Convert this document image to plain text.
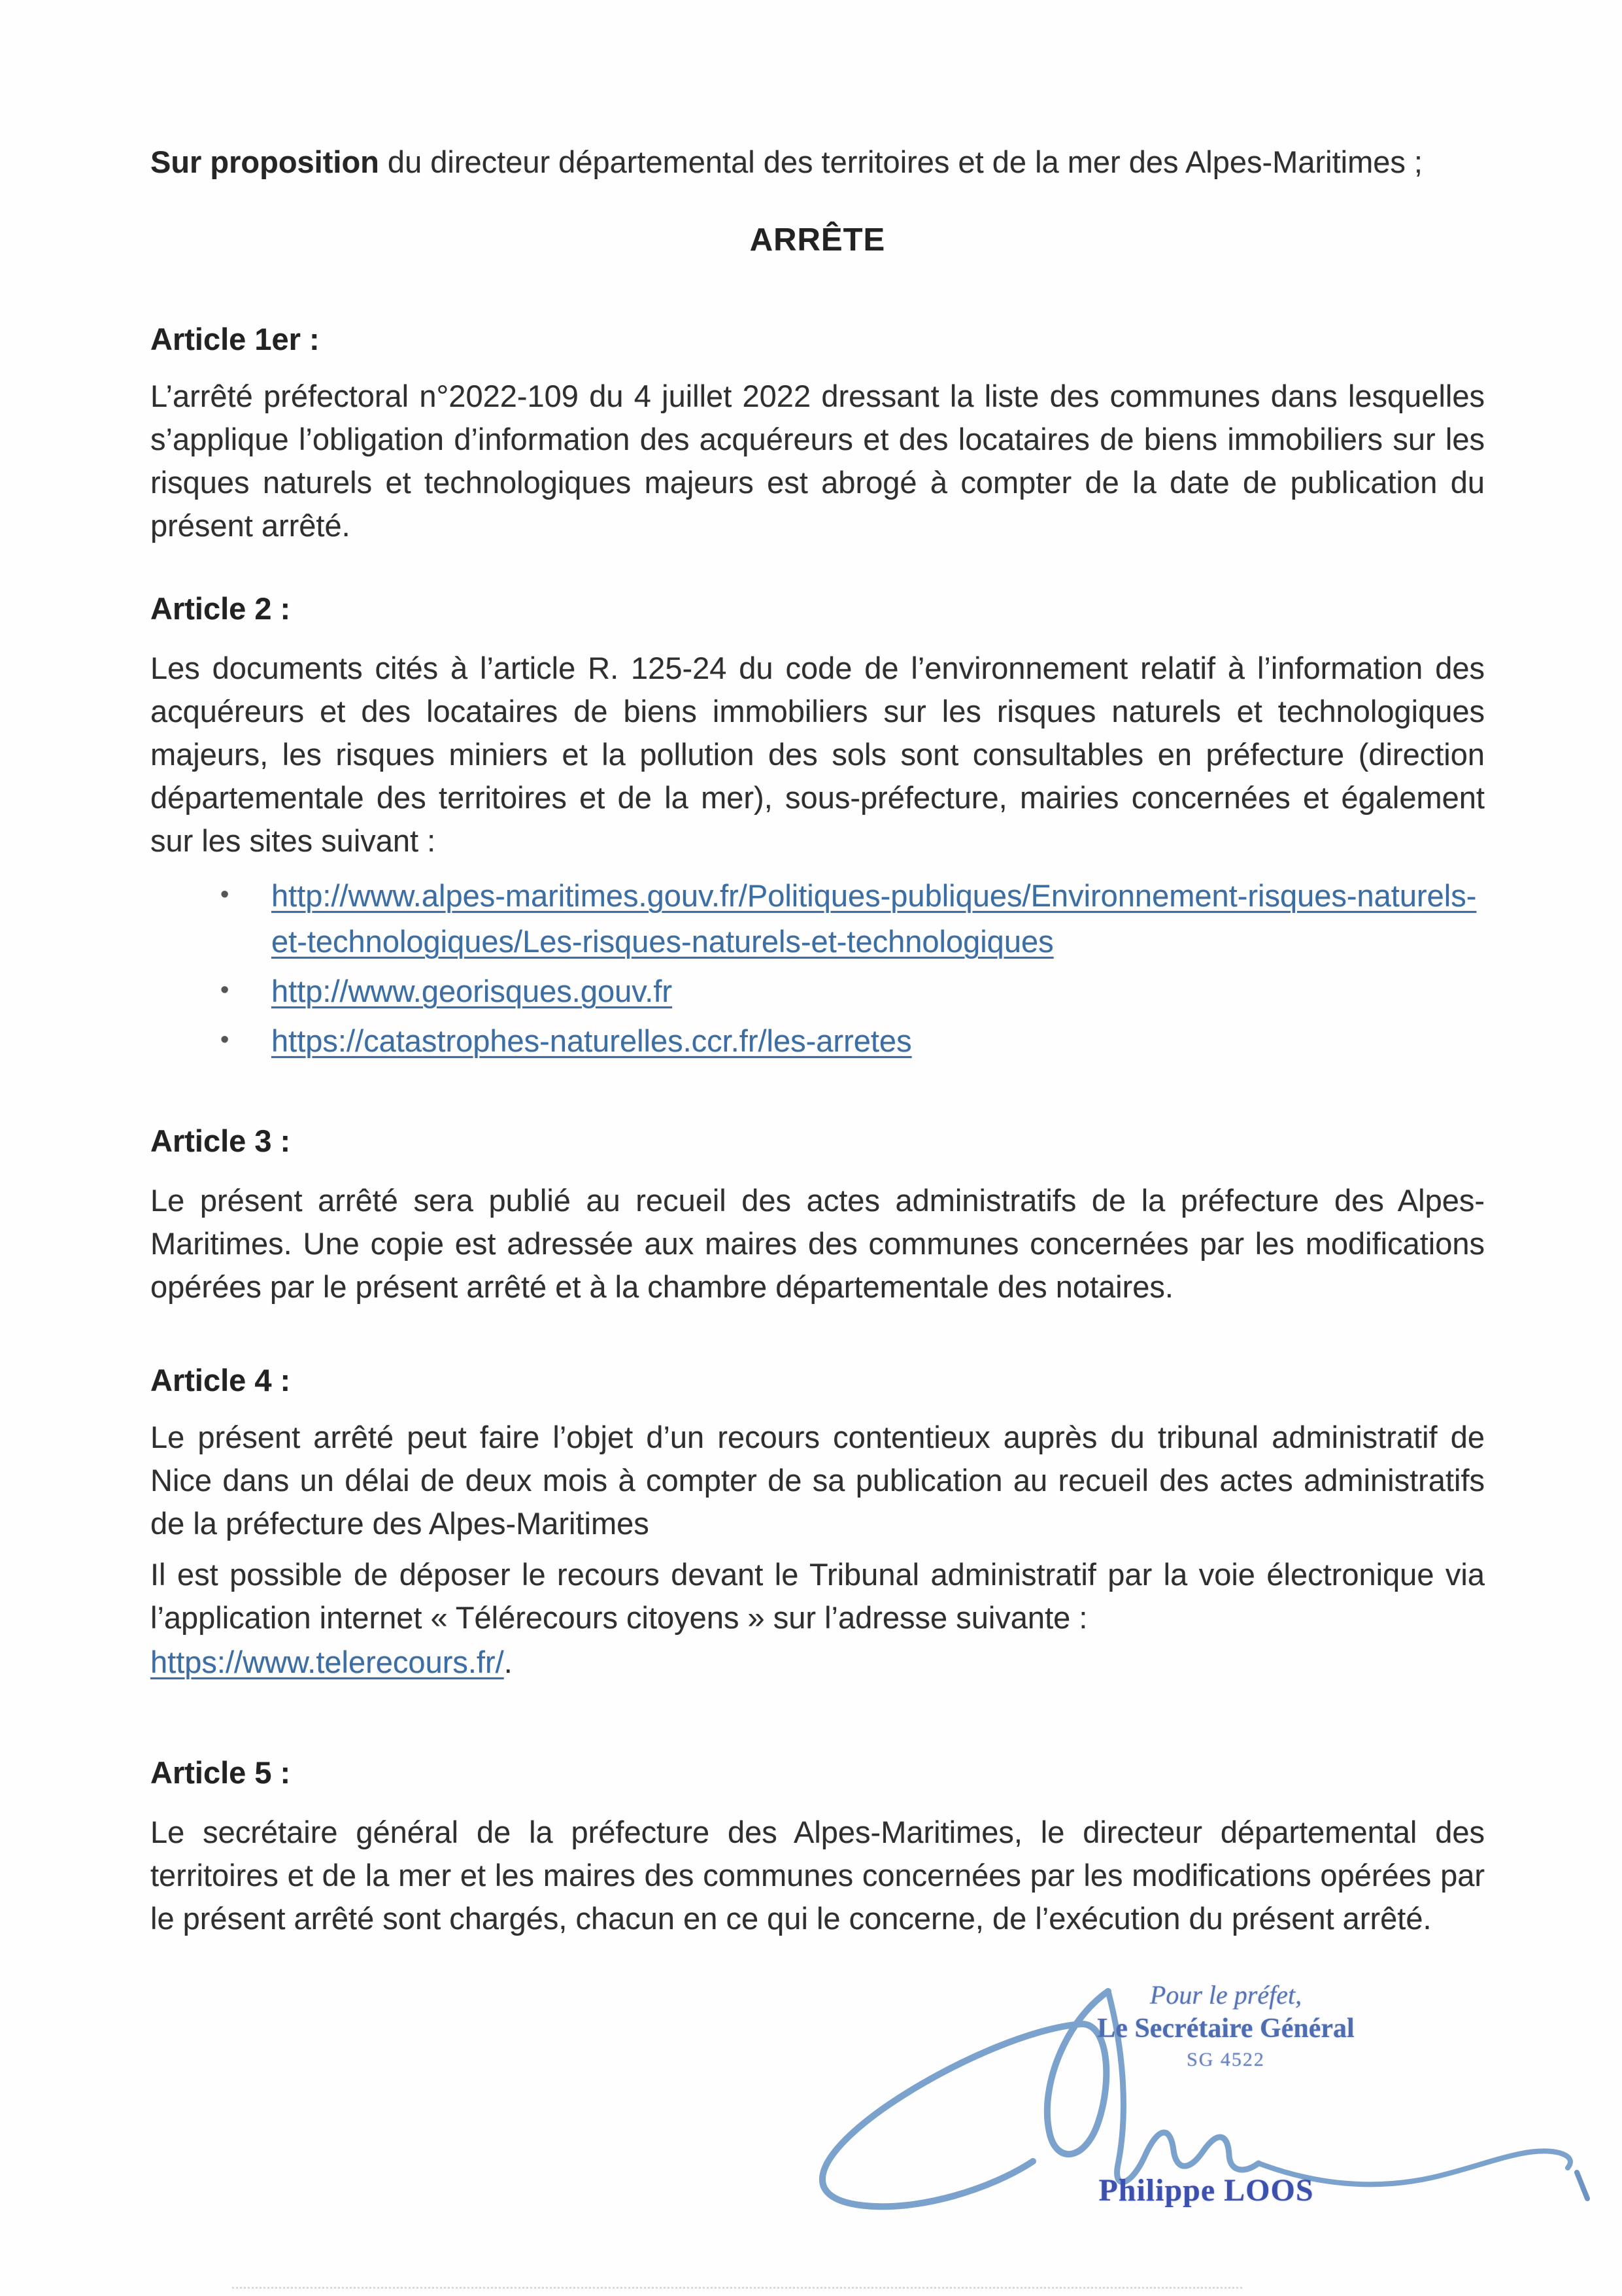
Sur proposition du directeur départemental des territoires et de la mer des Alpes-Maritimes ;

ARRÊTE
Article 1er :

L’arrêté préfectoral n°2022-109 du 4 juillet 2022 dressant la liste des communes dans lesquelles s’applique l’obligation d’information des acquéreurs et des locataires de biens immobiliers sur les risques naturels et technologiques majeurs est abrogé à compter de la date de publication du présent arrêté.

Article 2 :

Les documents cités à l’article R. 125-24 du code de l’environnement relatif à l’information des acquéreurs et des locataires de biens immobiliers sur les risques naturels et technologiques majeurs, les risques miniers et la pollution des sols sont consultables en préfecture (direction départementale des territoires et de la mer), sous-préfecture, mairies concernées et également sur les sites suivant :

• http://www.alpes-maritimes.gouv.fr/Politiques-publiques/Environnement-risques-naturels-et-technologiques/Les-risques-naturels-et-technologiques
• http://www.georisques.gouv.fr
• https://catastrophes-naturelles.ccr.fr/les-arretes
Article 3 :

Le présent arrêté sera publié au recueil des actes administratifs de la préfecture des Alpes-Maritimes. Une copie est adressée aux maires des communes concernées par les modifications opérées par le présent arrêté et à la chambre départementale des notaires.

Article 4 :

Le présent arrêté peut faire l’objet d’un recours contentieux auprès du tribunal administratif de Nice dans un délai de deux mois à compter de sa publication au recueil des actes administratifs de la préfecture des Alpes-Maritimes

Il est possible de déposer le recours devant le Tribunal administratif par la voie électronique via l’application internet « Télérecours citoyens » sur l’adresse suivante :

https://www.telerecours.fr/.
Article 5 :

Le secrétaire général de la préfecture des Alpes-Maritimes, le directeur départemental des territoires et de la mer et les maires des communes concernées par les modifications opérées par le présent arrêté sont chargés, chacun en ce qui le concerne, de l’exécution du présent arrêté.

Pour le préfet,
Le Secrétaire Général
SG 4522
Philippe LOOS
